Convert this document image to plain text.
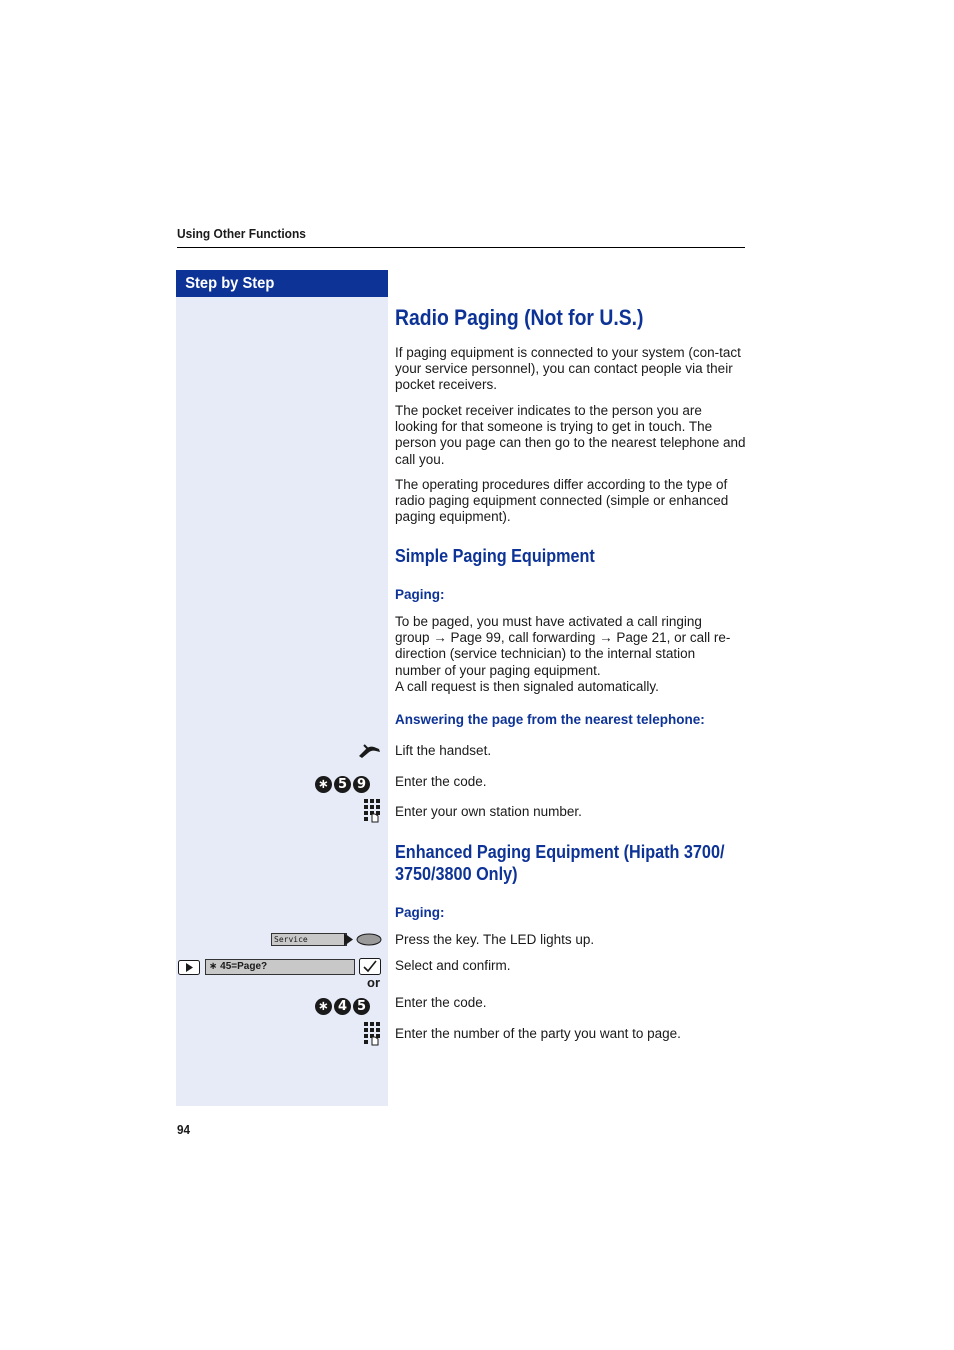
Using Other Functions
Step by Step
Radio Paging (Not for U.S.)
If paging equipment is connected to your system (con-tact your service personnel), you can contact people via their pocket receivers.
The pocket receiver indicates to the person you are looking for that someone is trying to get in touch. The person you page can then go to the nearest telephone and call you.
The operating procedures differ according to the type of radio paging equipment connected (simple or enhanced paging equipment).
Simple Paging Equipment
Paging:
To be paged, you must have activated a call ringing
group → Page 99, call forwarding → Page 21, or call re-
direction (service technician) to the internal station
number of your paging equipment.
A call request is then signaled automatically.
Answering the page from the nearest telephone:
Lift the handset.
∗ 5 9 Enter the code.
Enter your own station number.
Enhanced Paging Equipment (Hipath 3700/
3750/3800 Only)
Paging:
Service	Press the key. The LED lights up.
∗ 45=Page?	Select and confirm.
or
∗ 4 5 Enter the code.
Enter the number of the party you want to page.
94
